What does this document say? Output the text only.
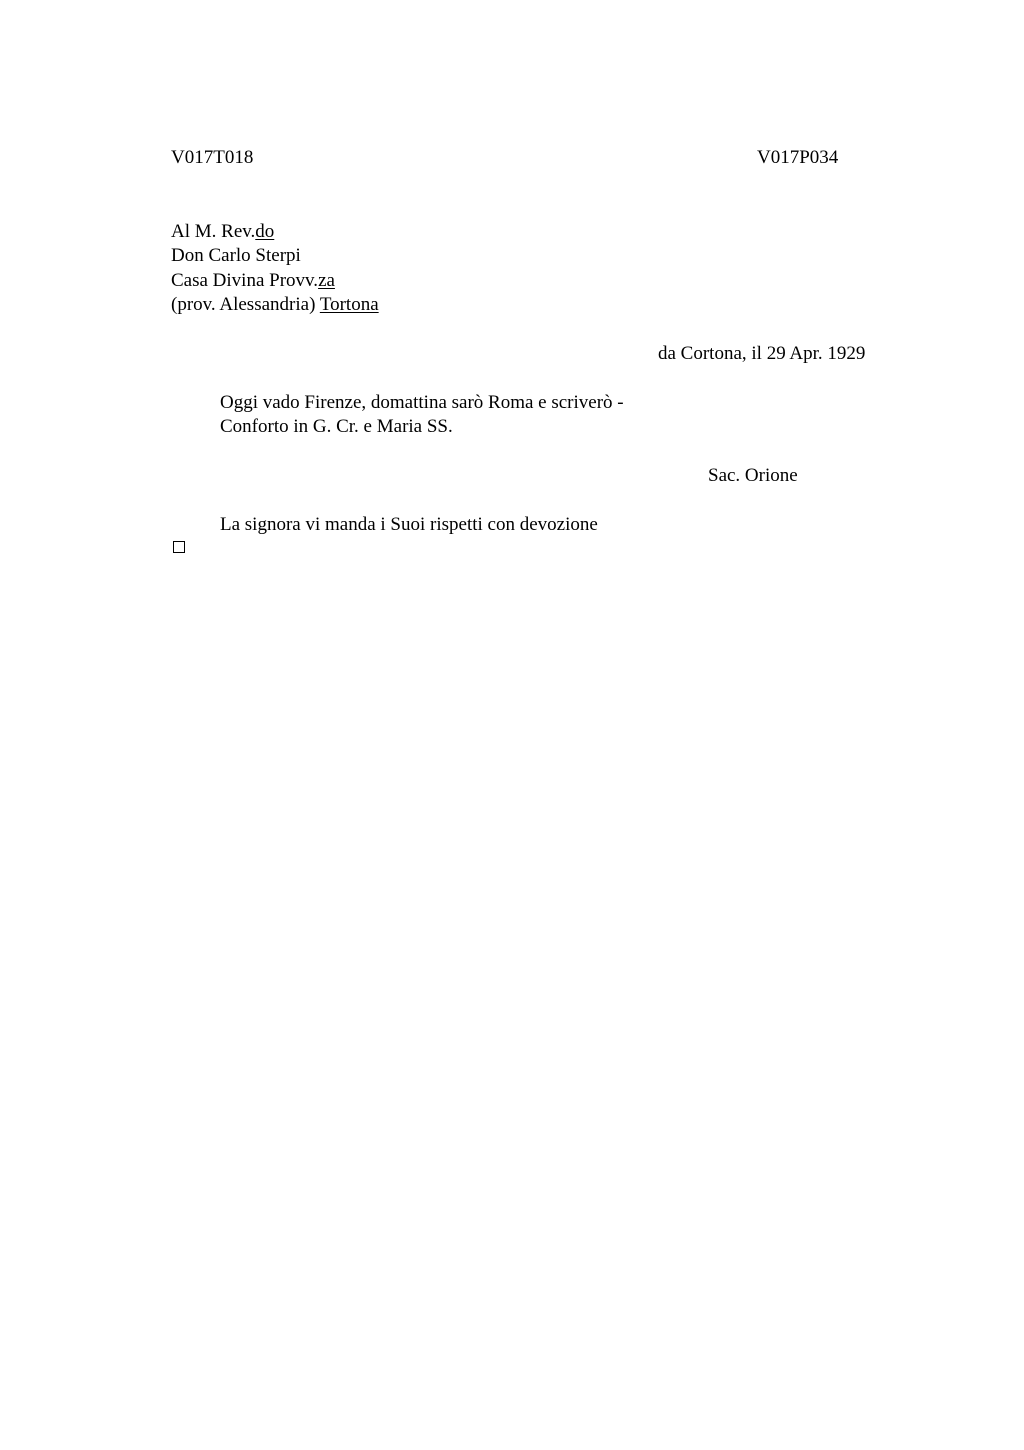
V017T018	V017P034
Al M. Rev.do
Don Carlo Sterpi
Casa Divina Provv.za
(prov. Alessandria) Tortona
da Cortona, il 29 Apr. 1929
Oggi vado Firenze, domattina sarò Roma e scriverò -
Conforto in G. Cr. e Maria SS.
Sac. Orione
La signora vi manda i Suoi rispetti con devozione
